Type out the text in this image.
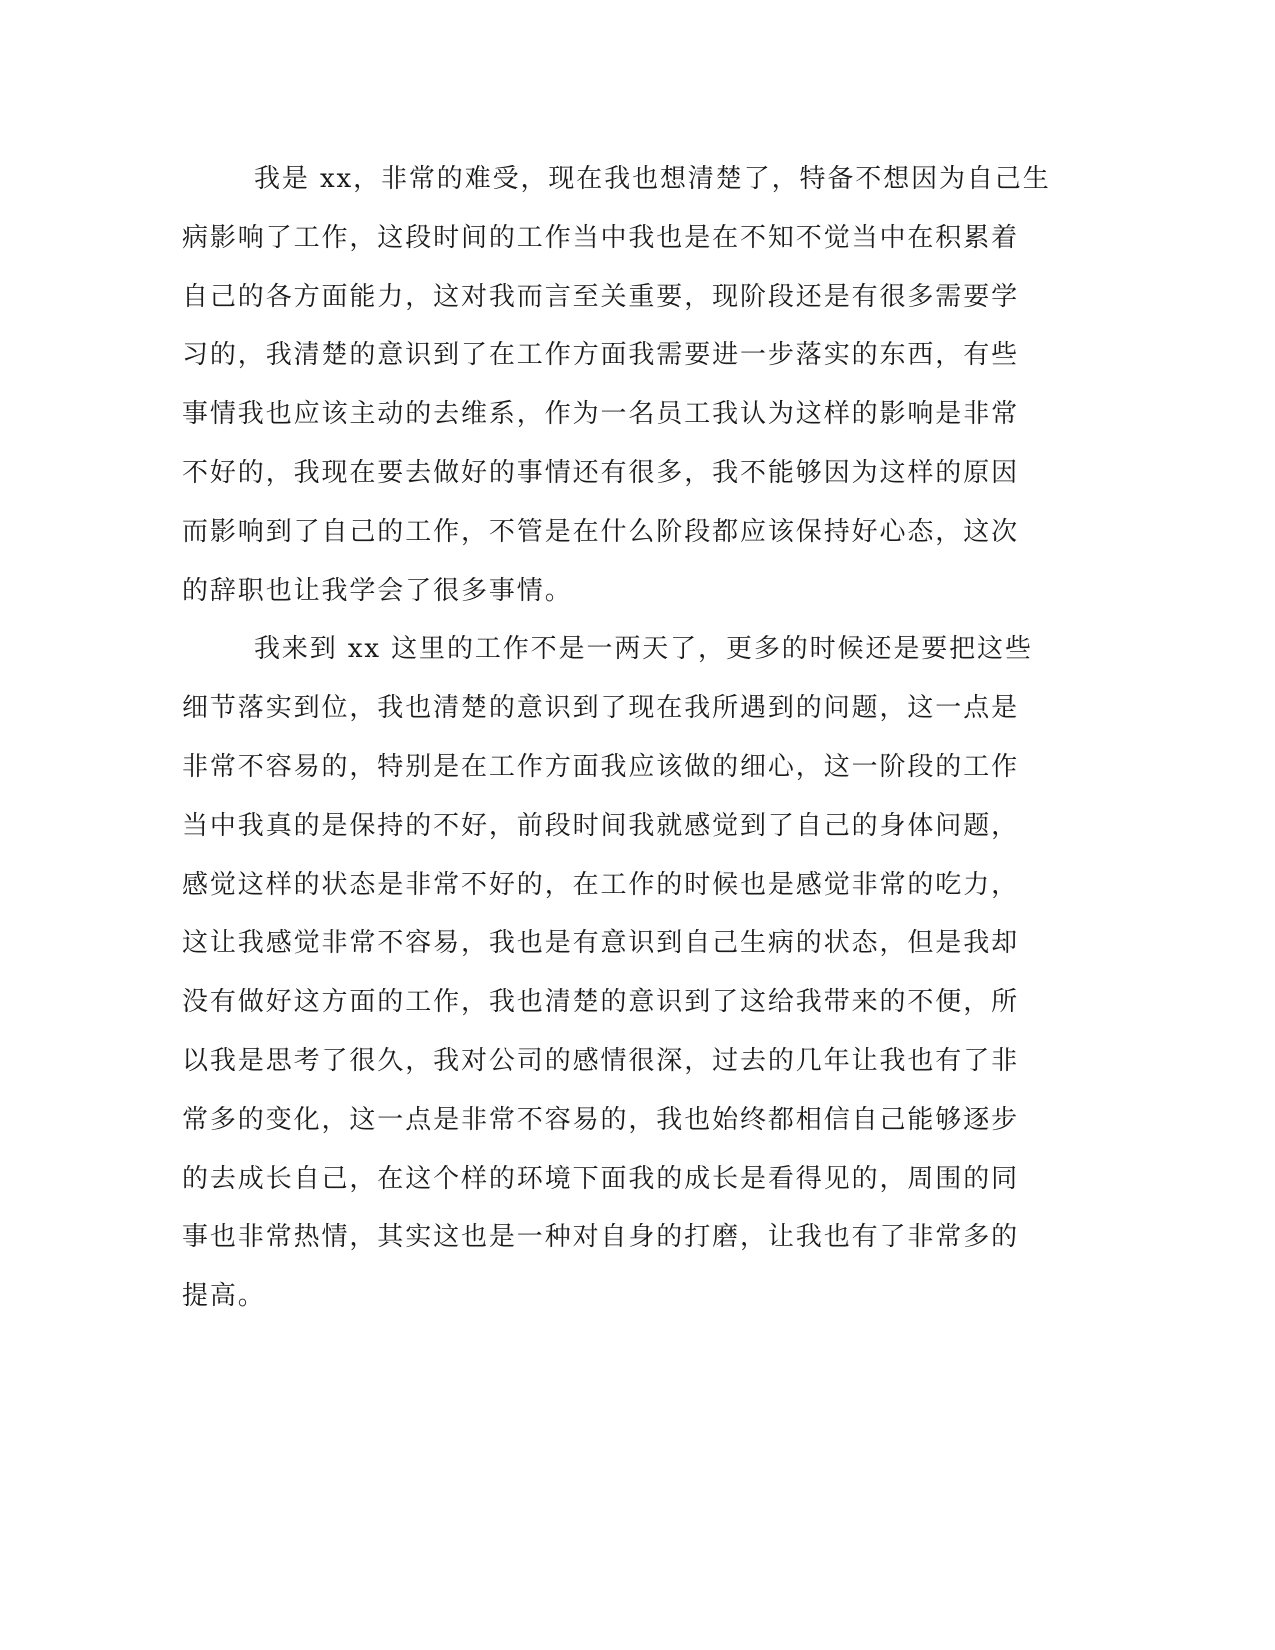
我是 xx，非常的难受，现在我也想清楚了，特备不想因为自己生
病影响了工作，这段时间的工作当中我也是在不知不觉当中在积累着
自己的各方面能力，这对我而言至关重要，现阶段还是有很多需要学
习的，我清楚的意识到了在工作方面我需要进一步落实的东西，有些
事情我也应该主动的去维系，作为一名员工我认为这样的影响是非常
不好的，我现在要去做好的事情还有很多，我不能够因为这样的原因
而影响到了自己的工作，不管是在什么阶段都应该保持好心态，这次
的辞职也让我学会了很多事情。
我来到 xx 这里的工作不是一两天了，更多的时候还是要把这些
细节落实到位，我也清楚的意识到了现在我所遇到的问题，这一点是
非常不容易的，特别是在工作方面我应该做的细心，这一阶段的工作
当中我真的是保持的不好，前段时间我就感觉到了自己的身体问题，
感觉这样的状态是非常不好的，在工作的时候也是感觉非常的吃力，
这让我感觉非常不容易，我也是有意识到自己生病的状态，但是我却
没有做好这方面的工作，我也清楚的意识到了这给我带来的不便，所
以我是思考了很久，我对公司的感情很深，过去的几年让我也有了非
常多的变化，这一点是非常不容易的，我也始终都相信自己能够逐步
的去成长自己，在这个样的环境下面我的成长是看得见的，周围的同
事也非常热情，其实这也是一种对自身的打磨，让我也有了非常多的
提高。
